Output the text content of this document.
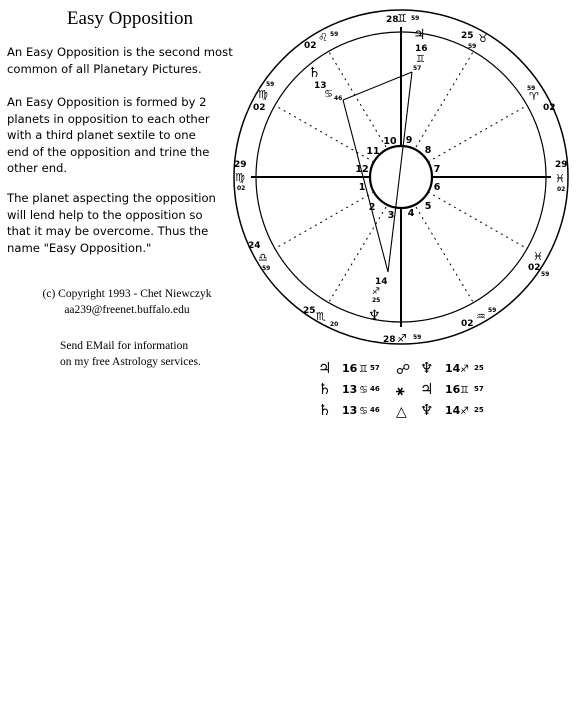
Easy Opposition
An Easy Opposition is the second most
common of all Planetary Pictures.
An Easy Opposition is formed by 2
planets in opposition to each other
with a third planet sextile to one
end of the opposition and trine the
other end.
The planet aspecting the opposition
will lend help to the opposition so
that it may be overcome. Thus the
name "Easy Opposition."
(c) Copyright 1993 - Chet Niewczyk
aa239@freenet.buffalo.edu
Send EMail for information
on my free Astrology services.
1
2
3 4
5
6
7
8
9
10
11
12
28
♊ 59
25
59
♉
♈
59
02
29
♓
02
♓
02
59
02
♒ 59
28 ♐ 59
25 ♏
20
24
♎
59
29
♍
02
02
♍
59
02
♌ 59	♃
16
♊
57
♄
13
♋ 46
14
♐
25
♆
♃ 16 ♊ 57 ☍ ♆ 14 ♐ 25
♄ 13 ♋ 46 ⚹ ♃ 16 ♊ 57
♄ 13 ♋ 46 △ ♆ 14 ♐ 25
